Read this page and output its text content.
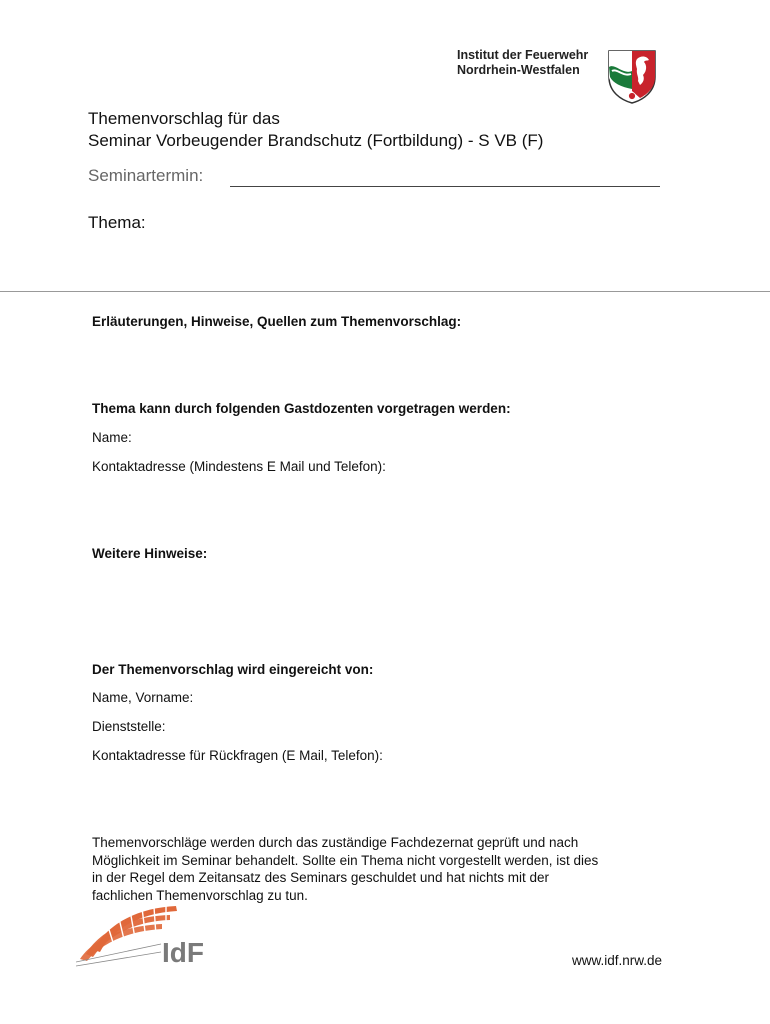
Institut der Feuerwehr
Nordrhein-Westfalen
Themenvorschlag für das
Seminar Vorbeugender Brandschutz (Fortbildung) - S VB (F)
Seminartermin:
Thema:
Erläuterungen, Hinweise, Quellen zum Themenvorschlag:
Thema kann durch folgenden Gastdozenten vorgetragen werden:
Name:
Kontaktadresse (Mindestens E Mail und Telefon):
Weitere Hinweise:
Der Themenvorschlag wird eingereicht von:
Name, Vorname:
Dienststelle:
Kontaktadresse für Rückfragen (E Mail, Telefon):
Themenvorschläge werden durch das zuständige Fachdezernat geprüft und nach
Möglichkeit im Seminar behandelt. Sollte ein Thema nicht vorgestellt werden, ist dies
in der Regel dem Zeitansatz des Seminars geschuldet und hat nichts mit der
fachlichen Themenvorschlag zu tun.
IdF	www.idf.nrw.de
